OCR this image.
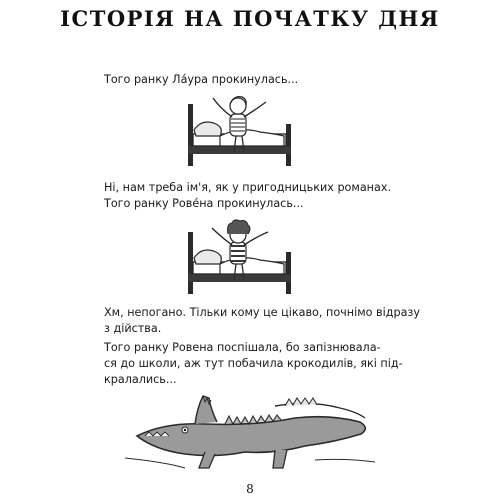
ІСТОРІЯ НА ПОЧАТКУ ДНЯ
Того ранку Ла́ура прокинулась...
Ні, нам треба ім'я, як у пригодницьких романах.
Того ранку Рове́на прокинулась...
Хм, непогано. Тільки кому це цікаво, почнімо відразу
з дійства.
Того ранку Ровена поспішала, бо запізнювала-
ся до школи, аж тут побачила крокодилів, які під-
кралались...
8
